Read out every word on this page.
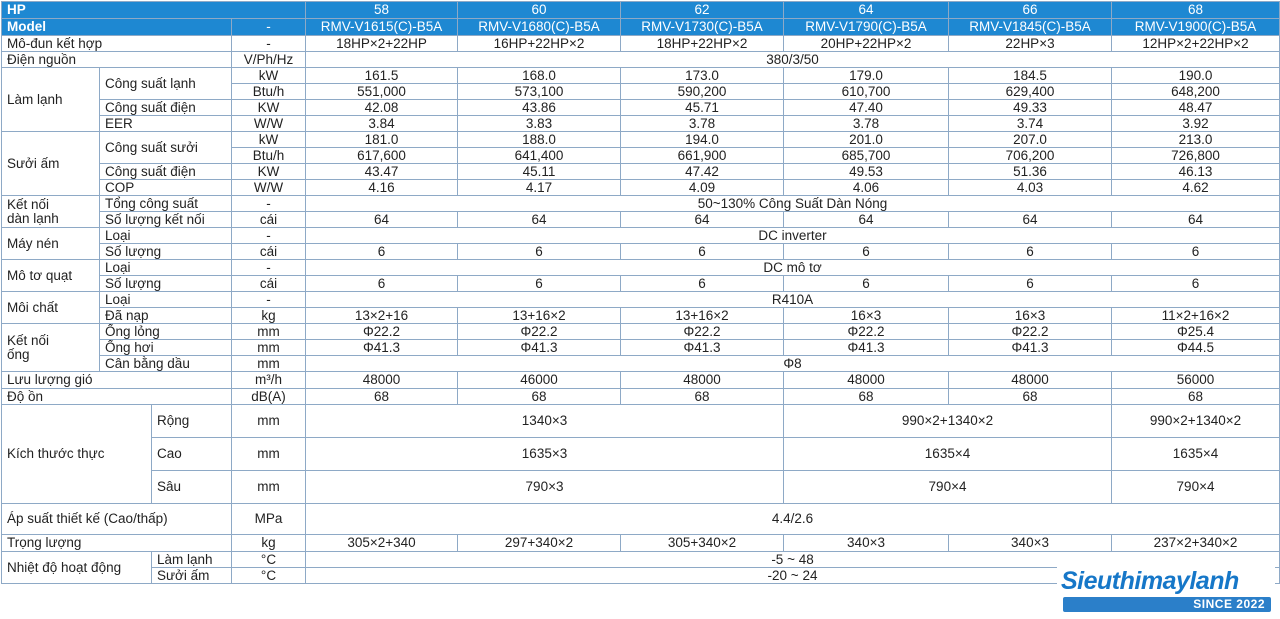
HP				58	60	62	64	66	68
Model			-	RMV-V1615(C)-B5A	RMV-V1680(C)-B5A	RMV-V1730(C)-B5A	RMV-V1790(C)-B5A	RMV-V1845(C)-B5A	RMV-V1900(C)-B5A
Mô-đun kết hợp			-	18HP×2+22HP	16HP+22HP×2	18HP+22HP×2	20HP+22HP×2	22HP×3	12HP×2+22HP×2
Điện nguồn			V/Ph/Hz	380/3/50					
Làm lạnh	Công suất lạnh		kW	161.5	168.0	173.0	179.0	184.5	190.0
			Btu/h	551,000	573,100	590,200	610,700	629,400	648,200
	Công suất điện		KW	42.08	43.86	45.71	47.40	49.33	48.47
	EER		W/W	3.84	3.83	3.78	3.78	3.74	3.92
Sưởi ấm	Công suất sưởi		kW	181.0	188.0	194.0	201.0	207.0	213.0
			Btu/h	617,600	641,400	661,900	685,700	706,200	726,800
	Công suất điện		KW	43.47	45.11	47.42	49.53	51.36	46.13
	COP		W/W	4.16	4.17	4.09	4.06	4.03	4.62

Kết nối
dàn lạnh	Tổng công suất		-	50~130% Công Suất Dàn Nóng					
	Số lượng kết nối		cái	64	64	64	64	64	64
Máy nén	Loại		-	DC inverter					
	Số lượng		cái	6	6	6	6	6	6
Mô tơ quạt	Loại		-	DC mô tơ					
	Số lượng		cái	6	6	6	6	6	6
Môi chất	Loại		-	R410A					
	Đã nạp		kg	13×2+16	13+16×2	13+16×2	16×3	16×3	11×2+16×2

Kết nối
ống	Ống lỏng		mm	Φ22.2	Φ22.2	Φ22.2	Φ22.2	Φ22.2	Φ25.4
	Ống hơi		mm	Φ41.3	Φ41.3	Φ41.3	Φ41.3	Φ41.3	Φ44.5
	Cân bằng dầu		mm	Φ8					
Lưu lượng gió			m³/h	48000	46000	48000	48000	48000	56000
Độ ồn			dB(A)	68	68	68	68	68	68
Kích thước thực		Rộng	mm	1340×3			990×2+1340×2		990×2+1340×2
		Cao	mm	1635×3			1635×4		1635×4
		Sâu	mm	790×3			790×4		790×4
Áp suất thiết kế (Cao/thấp)			MPa	4.4/2.6					
Trọng lượng			kg	305×2+340	297+340×2	305+340×2	340×3	340×3	237×2+340×2
Nhiệt độ hoạt động		Làm lạnh	°C	-5 ~ 48					
		Sưởi ấm	°C	-20 ~ 24						Sieuthimaylanh
SINCE 2022
